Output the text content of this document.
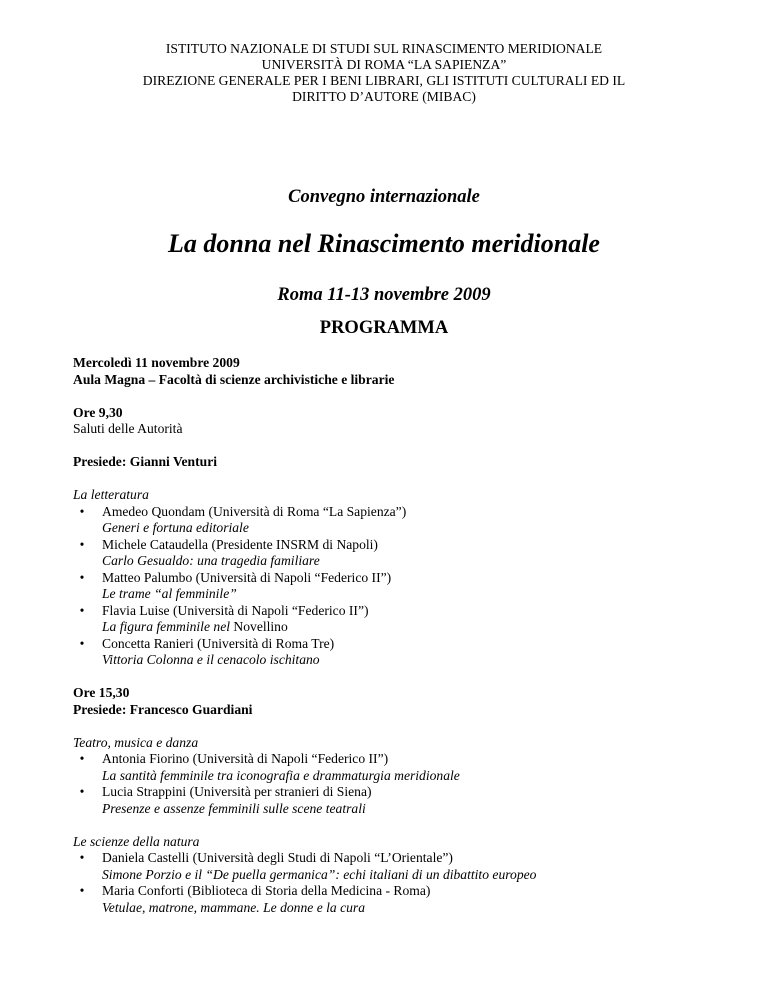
ISTITUTO NAZIONALE DI STUDI SUL RINASCIMENTO MERIDIONALE
UNIVERSITÀ DI ROMA “LA SAPIENZA”
DIREZIONE GENERALE PER I BENI LIBRARI, GLI ISTITUTI CULTURALI ED IL
DIRITTO D’AUTORE (MIBAC)
Convegno internazionale
La donna nel Rinascimento meridionale
Roma 11-13 novembre 2009
PROGRAMMA

Mercoledì 11 novembre 2009

Aula Magna – Facoltà di scienze archivistiche e librarie

Ore 9,30

Saluti delle Autorità

Presiede: Gianni Venturi

La letteratura

• Amedeo Quondam (Università di Roma “La Sapienza”)
Generi e fortuna editoriale
• Michele Cataudella (Presidente INSRM di Napoli)
Carlo Gesualdo: una tragedia familiare
• Matteo Palumbo (Università di Napoli “Federico II”)
Le trame “al femminile”
• Flavia Luise (Università di Napoli “Federico II”)
La figura femminile nel Novellino
• Concetta Ranieri (Università di Roma Tre)
Vittoria Colonna e il cenacolo ischitano

Ore 15,30

Presiede: Francesco Guardiani

Teatro, musica e danza

• Antonia Fiorino (Università di Napoli “Federico II”)
La santità femminile tra iconografia e drammaturgia meridionale
• Lucia Strappini (Università per stranieri di Siena)
Presenze e assenze femminili sulle scene teatrali

Le scienze della natura

• Daniela Castelli (Università degli Studi di Napoli “L’Orientale”)
Simone Porzio e il “De puella germanica”: echi italiani di un dibattito europeo
• Maria Conforti (Biblioteca di Storia della Medicina - Roma)
Vetulae, matrone, mammane. Le donne e la cura
